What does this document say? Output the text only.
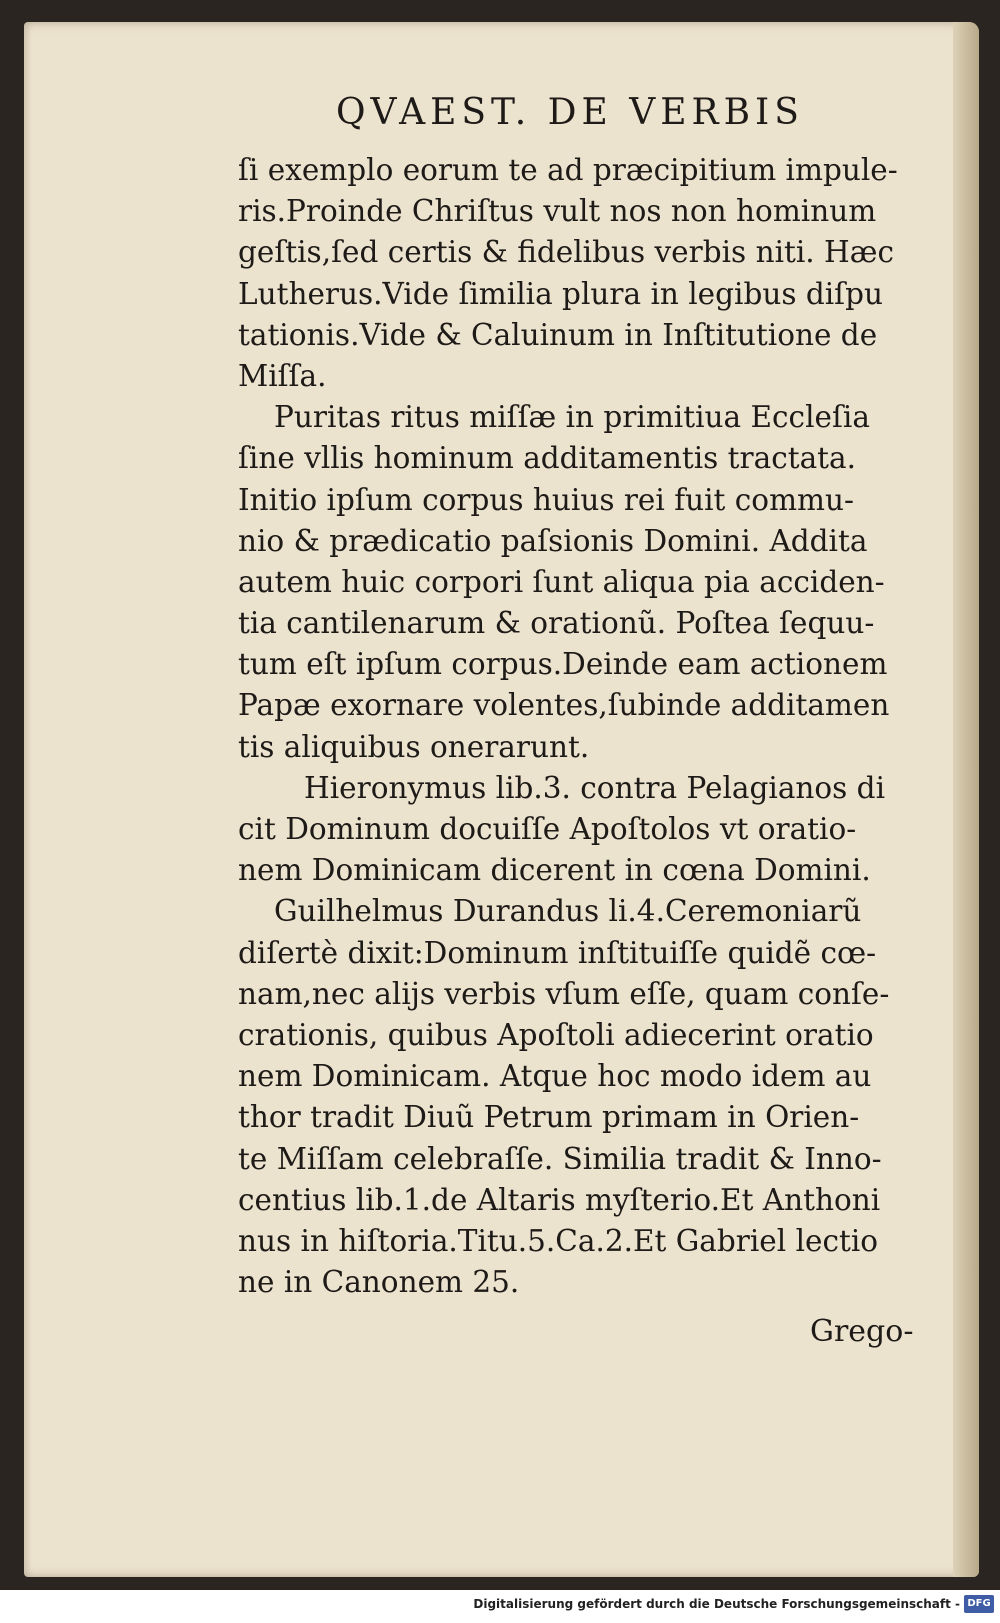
QVAEST. DE VERBIS

ſi exemplo eorum te ad præcipitium impule-
ris.Proinde Chriſtus vult nos non hominum
geſtis,ſed certis & fidelibus verbis niti. Hæc
Lutherus.Vide ſimilia plura in legibus diſpu
tationis.Vide & Caluinum in Inſtitutione de
Miſſa.

Puritas ritus miſſæ in primitiua Eccleſia
ſine vllis hominum additamentis tractata.
Initio ipſum corpus huius rei fuit commu-
nio & prædicatio paſsionis Domini. Addita
autem huic corpori ſunt aliqua pia acciden-
tia cantilenarum & orationũ. Poſtea ſequu-
tum eſt ipſum corpus.Deinde eam actionem
Papæ exornare volentes,ſubinde additamen
tis aliquibus onerarunt.

Hieronymus lib.3. contra Pelagianos di
cit Dominum docuiſſe Apoſtolos vt oratio-
nem Dominicam dicerent in cœna Domini.

Guilhelmus Durandus li.4.Ceremoniarũ
diſertè dixit:Dominum inſtituiſſe quidẽ cœ-
nam,nec alijs verbis vſum eſſe, quam conſe-
crationis, quibus Apoſtoli adiecerint oratio
nem Dominicam. Atque hoc modo idem au
thor tradit Diuũ Petrum primam in Orien-
te Miſſam celebraſſe. Similia tradit & Inno-
centius lib.1.de Altaris myſterio.Et Anthoni
nus in hiſtoria.Titu.5.Ca.2.Et Gabriel lectio
ne in Canonem 25.

Grego-
Digitalisierung gefördert durch die Deutsche Forschungsgemeinschaft - DFG
